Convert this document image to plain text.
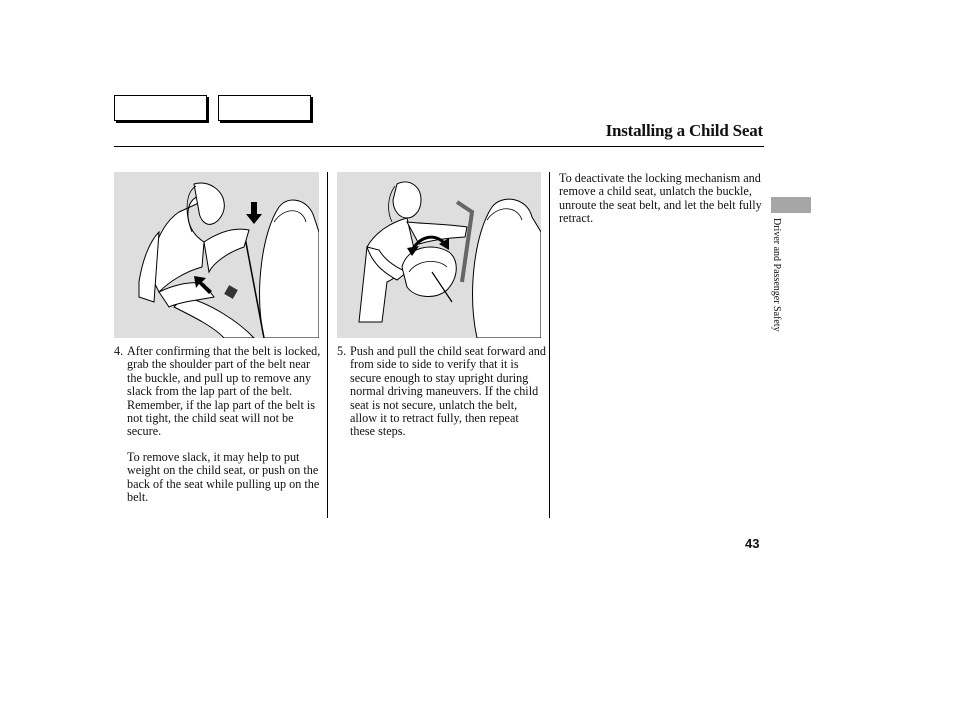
Installing a Child Seat
4. After confirming that the belt is locked, grab the shoulder part of the belt near the buckle, and pull up to remove any slack from the lap part of the belt. Remember, if the lap part of the belt is not tight, the child seat will not be secure.

To remove slack, it may help to put weight on the child seat, or push on the back of the seat while pulling up on the belt.

5. Push and pull the child seat forward and from side to side to verify that it is secure enough to stay upright during normal driving maneuvers. If the child seat is not secure, unlatch the belt, allow it to retract fully, then repeat these steps.

To deactivate the locking mechanism and remove a child seat, unlatch the buckle, unroute the seat belt, and let the belt fully retract.	Driver and Passenger Safety
43
